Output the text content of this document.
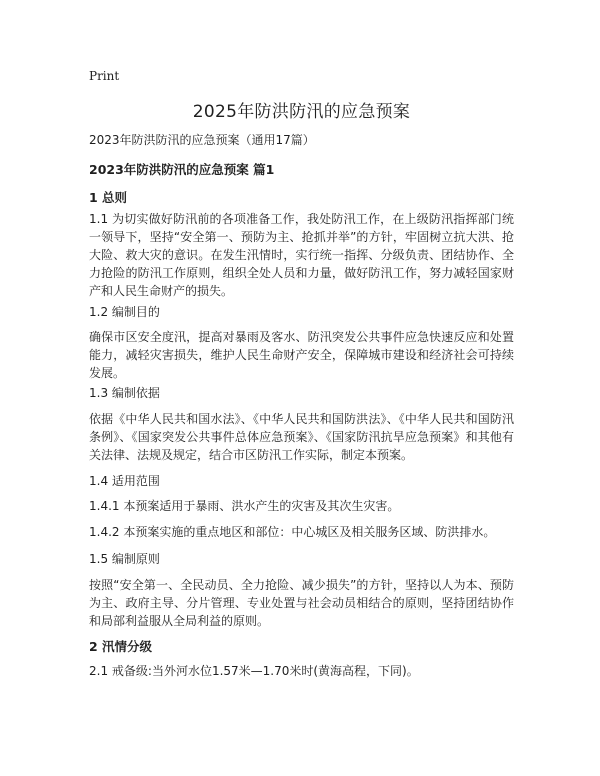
Print
2025年防洪防汛的应急预案

2023年防洪防汛的应急预案（通用17篇）

2023年防洪防汛的应急预案 篇1

1 总则

1.1 为切实做好防汛前的各项准备工作，我处防汛工作，在上级防汛指挥部门统一领导下，坚持“安全第一、预防为主、抢抓并举”的方针，牢固树立抗大洪、抢大险、救大灾的意识。在发生汛情时，实行统一指挥、分级负责、团结协作、全力抢险的防汛工作原则，组织全处人员和力量，做好防汛工作，努力减轻国家财产和人民生命财产的损失。

1.2 编制目的

确保市区安全度汛，提高对暴雨及客水、防汛突发公共事件应急快速反应和处置能力，减轻灾害损失，维护人民生命财产安全，保障城市建设和经济社会可持续发展。

1.3 编制依据

依据《中华人民共和国水法》、《中华人民共和国防洪法》、《中华人民共和国防汛条例》、《国家突发公共事件总体应急预案》、《国家防汛抗旱应急预案》和其他有关法律、法规及规定，结合市区防汛工作实际，制定本预案。

1.4 适用范围

1.4.1 本预案适用于暴雨、洪水产生的灾害及其次生灾害。

1.4.2 本预案实施的重点地区和部位：中心城区及相关服务区域、防洪排水。

1.5 编制原则

按照“安全第一、全民动员、全力抢险、减少损失”的方针，坚持以人为本、预防为主、政府主导、分片管理、专业处置与社会动员相结合的原则，坚持团结协作和局部利益服从全局利益的原则。

2 汛情分级

2.1 戒备级:当外河水位1.57米—1.70米时(黄海高程，下同)。
